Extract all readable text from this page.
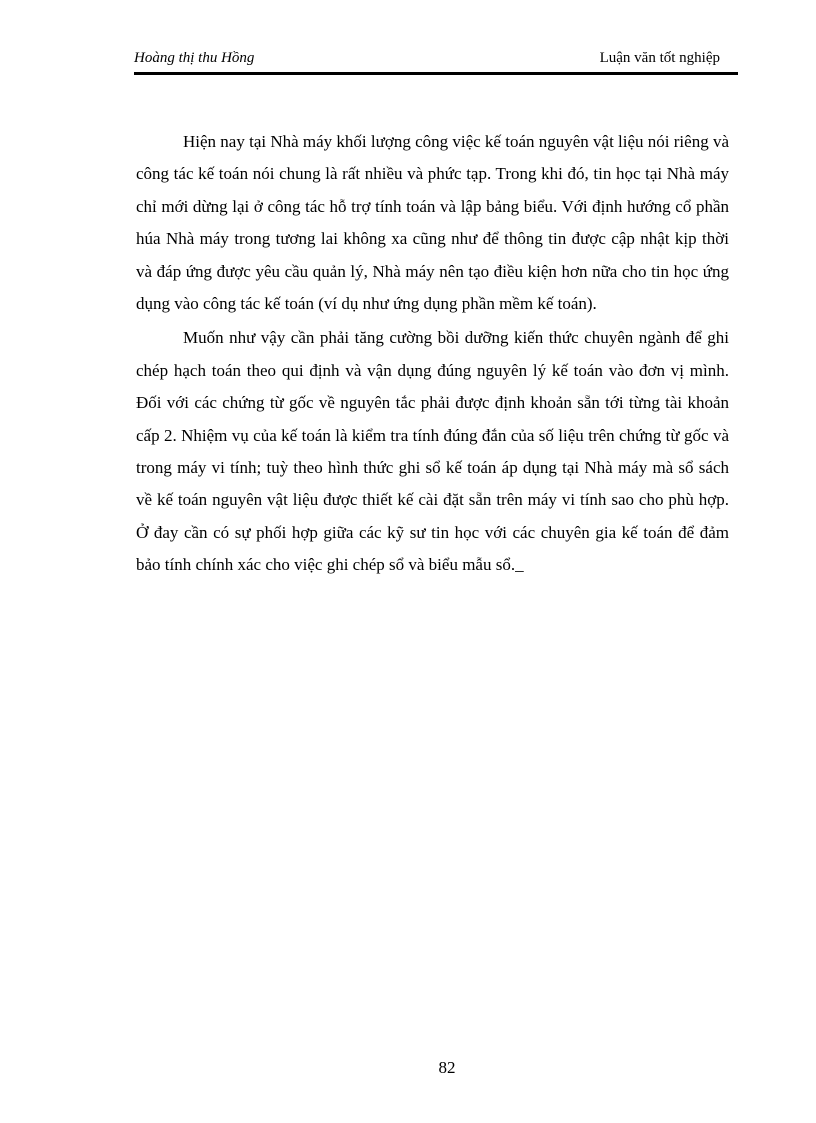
Hoàng thị thu Hồng	Luận văn tốt nghiệp

Hiện nay tại Nhà máy khối lượng công việc kế toán nguyên vật liệu nói riêng và công tác kế toán nói chung là rất nhiều và phức tạp. Trong khi đó, tin học tại Nhà máy chỉ mới dừng lại ở công tác hỗ trợ tính toán và lập bảng biểu. Với định hướng cổ phần húa Nhà máy trong tương lai không xa cũng như để thông tin được cập nhật kịp thời và đáp ứng được yêu cầu quản lý, Nhà máy nên tạo điều kiện hơn nữa cho tin học ứng dụng vào công tác kế toán (ví dụ như ứng dụng phần mềm kế toán).

Muốn như vậy cần phải tăng cường bồi dưỡng kiến thức chuyên ngành để ghi chép hạch toán theo qui định và vận dụng đúng nguyên lý kế toán vào đơn vị mình. Đối với các chứng từ gốc về nguyên tắc phải được định khoản sẵn tới từng tài khoản cấp 2. Nhiệm vụ của kế toán là kiểm tra tính đúng đắn của số liệu trên chứng từ gốc và trong máy vi tính; tuỳ theo hình thức ghi sổ kế toán áp dụng tại Nhà máy mà sổ sách về kế toán nguyên vật liệu được thiết kế cài đặt sẵn trên máy vi tính sao cho phù hợp. Ở đay cần có sự phối hợp giữa các kỹ sư tin học với các chuyên gia kế toán để đảm bảo tính chính xác cho việc ghi chép sổ và biểu mẫu sổ._

82
